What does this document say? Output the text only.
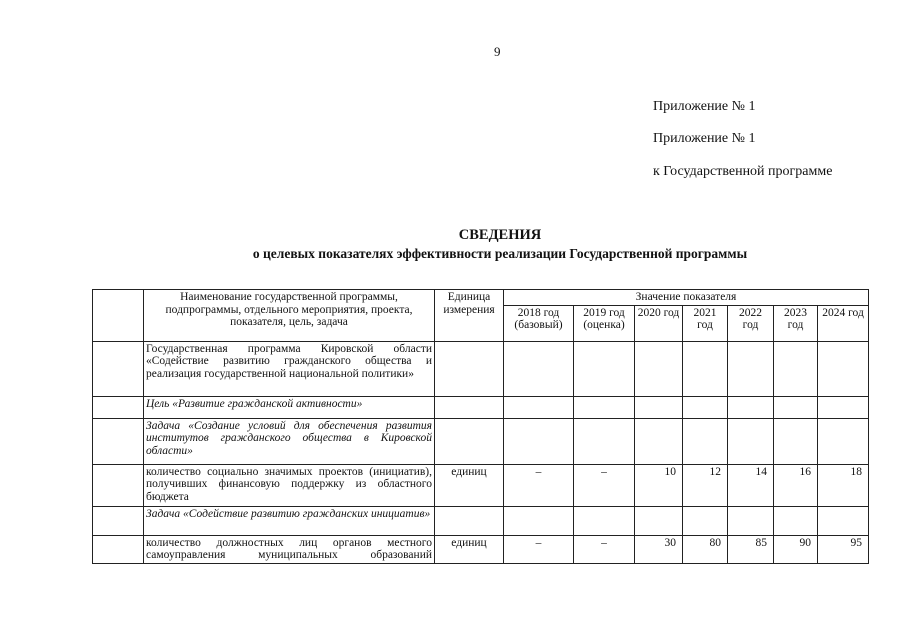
9
Приложение № 1
Приложение № 1
к Государственной программе
СВЕДЕНИЯ
о целевых показателях эффективности реализации Государственной программы
	Наименование государственной программы, подпрограммы, отдельного мероприятия, проекта, показателя, цель, задача	Единица измерения	Значение показателя						
			2018 год (базовый)	2019 год (оценка)	2020 год	2021 год	2022 год	2023 год	2024 год
	Государственная программа Кировской области «Содействие развитию гражданского общества и реализация государственной национальной политики»								
	Цель «Развитие гражданской активности»								
	Задача «Создание условий для обеспечения развития институтов гражданского общества в Кировской области»								
	количество социально значимых проектов (инициатив), получивших финансовую поддержку из областного бюджета	единиц	–	–	10	12	14	16	18
	Задача «Содействие развитию гражданских инициатив»								

	количество должностных лиц органов местного самоуправления муниципальных образований	единиц	–	–	30	80	85	90	95
